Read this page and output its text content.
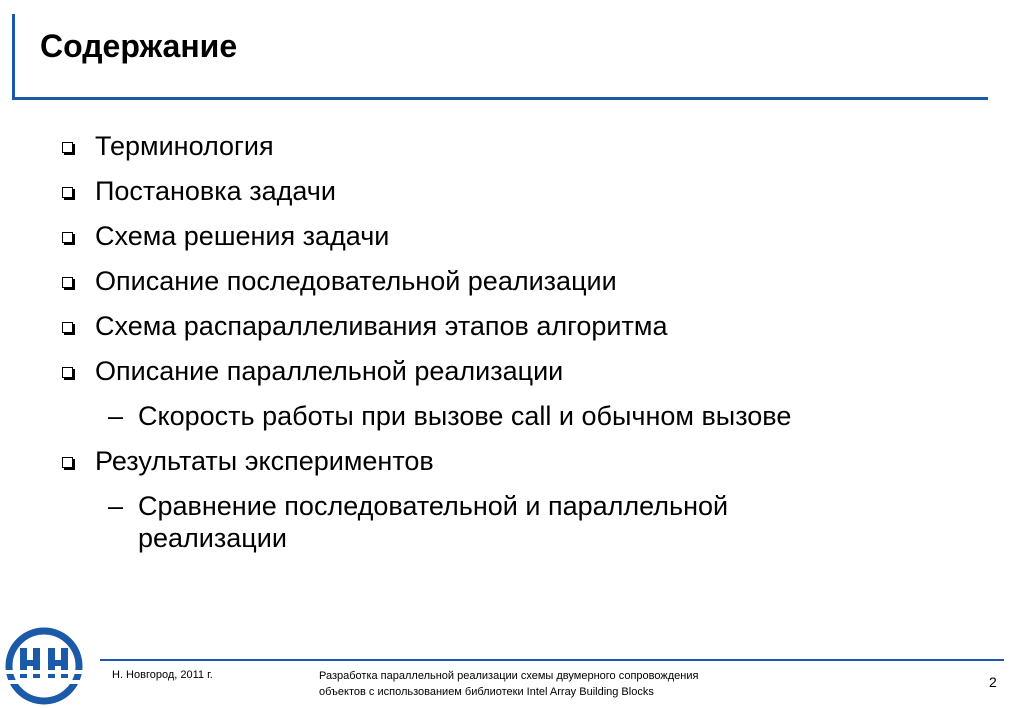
Содержание
Терминология
Постановка задачи
Схема решения задачи
Описание последовательной реализации
Схема распараллеливания этапов алгоритма
Описание параллельной реализации
– Скорость работы при вызове call и обычном вызове
Результаты экспериментов
– Сравнение последовательной и параллельной реализации
Н. Новгород, 2011 г.	Разработка параллельной реализации схемы двумерного сопровождения
объектов с использованием библиотеки Intel Array Building Blocks
2
